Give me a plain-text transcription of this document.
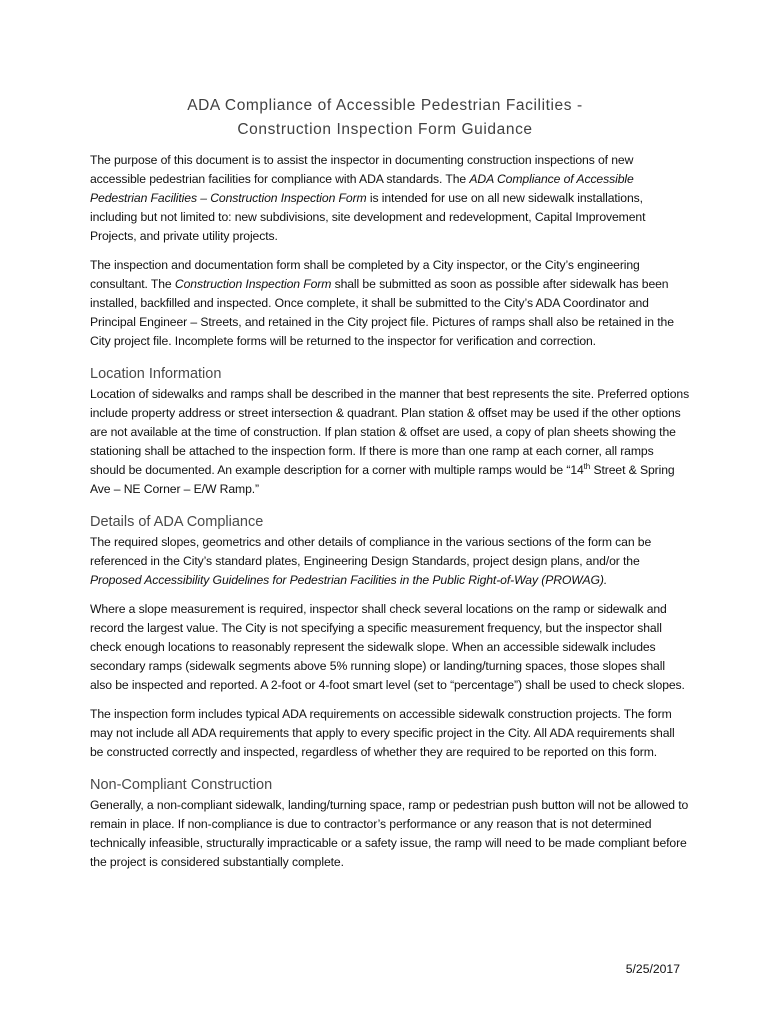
ADA Compliance of Accessible Pedestrian Facilities -
Construction Inspection Form Guidance

The purpose of this document is to assist the inspector in documenting construction inspections of new accessible pedestrian facilities for compliance with ADA standards. The ADA Compliance of Accessible Pedestrian Facilities – Construction Inspection Form is intended for use on all new sidewalk installations, including but not limited to: new subdivisions, site development and redevelopment, Capital Improvement Projects, and private utility projects.

The inspection and documentation form shall be completed by a City inspector, or the City’s engineering consultant. The Construction Inspection Form shall be submitted as soon as possible after sidewalk has been installed, backfilled and inspected. Once complete, it shall be submitted to the City’s ADA Coordinator and Principal Engineer – Streets, and retained in the City project file. Pictures of ramps shall also be retained in the City project file. Incomplete forms will be returned to the inspector for verification and correction.

Location Information

Location of sidewalks and ramps shall be described in the manner that best represents the site. Preferred options include property address or street intersection & quadrant. Plan station & offset may be used if the other options are not available at the time of construction. If plan station & offset are used, a copy of plan sheets showing the stationing shall be attached to the inspection form. If there is more than one ramp at each corner, all ramps should be documented. An example description for a corner with multiple ramps would be “14th Street & Spring Ave – NE Corner – E/W Ramp.”

Details of ADA Compliance

The required slopes, geometrics and other details of compliance in the various sections of the form can be referenced in the City’s standard plates, Engineering Design Standards, project design plans, and/or the Proposed Accessibility Guidelines for Pedestrian Facilities in the Public Right-of-Way (PROWAG).

Where a slope measurement is required, inspector shall check several locations on the ramp or sidewalk and record the largest value. The City is not specifying a specific measurement frequency, but the inspector shall check enough locations to reasonably represent the sidewalk slope. When an accessible sidewalk includes secondary ramps (sidewalk segments above 5% running slope) or landing/turning spaces, those slopes shall also be inspected and reported. A 2-foot or 4-foot smart level (set to “percentage”) shall be used to check slopes.

The inspection form includes typical ADA requirements on accessible sidewalk construction projects. The form may not include all ADA requirements that apply to every specific project in the City. All ADA requirements shall be constructed correctly and inspected, regardless of whether they are required to be reported on this form.

Non-Compliant Construction

Generally, a non-compliant sidewalk, landing/turning space, ramp or pedestrian push button will not be allowed to remain in place. If non-compliance is due to contractor’s performance or any reason that is not determined technically infeasible, structurally impracticable or a safety issue, the ramp will need to be made compliant before the project is considered substantially complete.

5/25/2017
